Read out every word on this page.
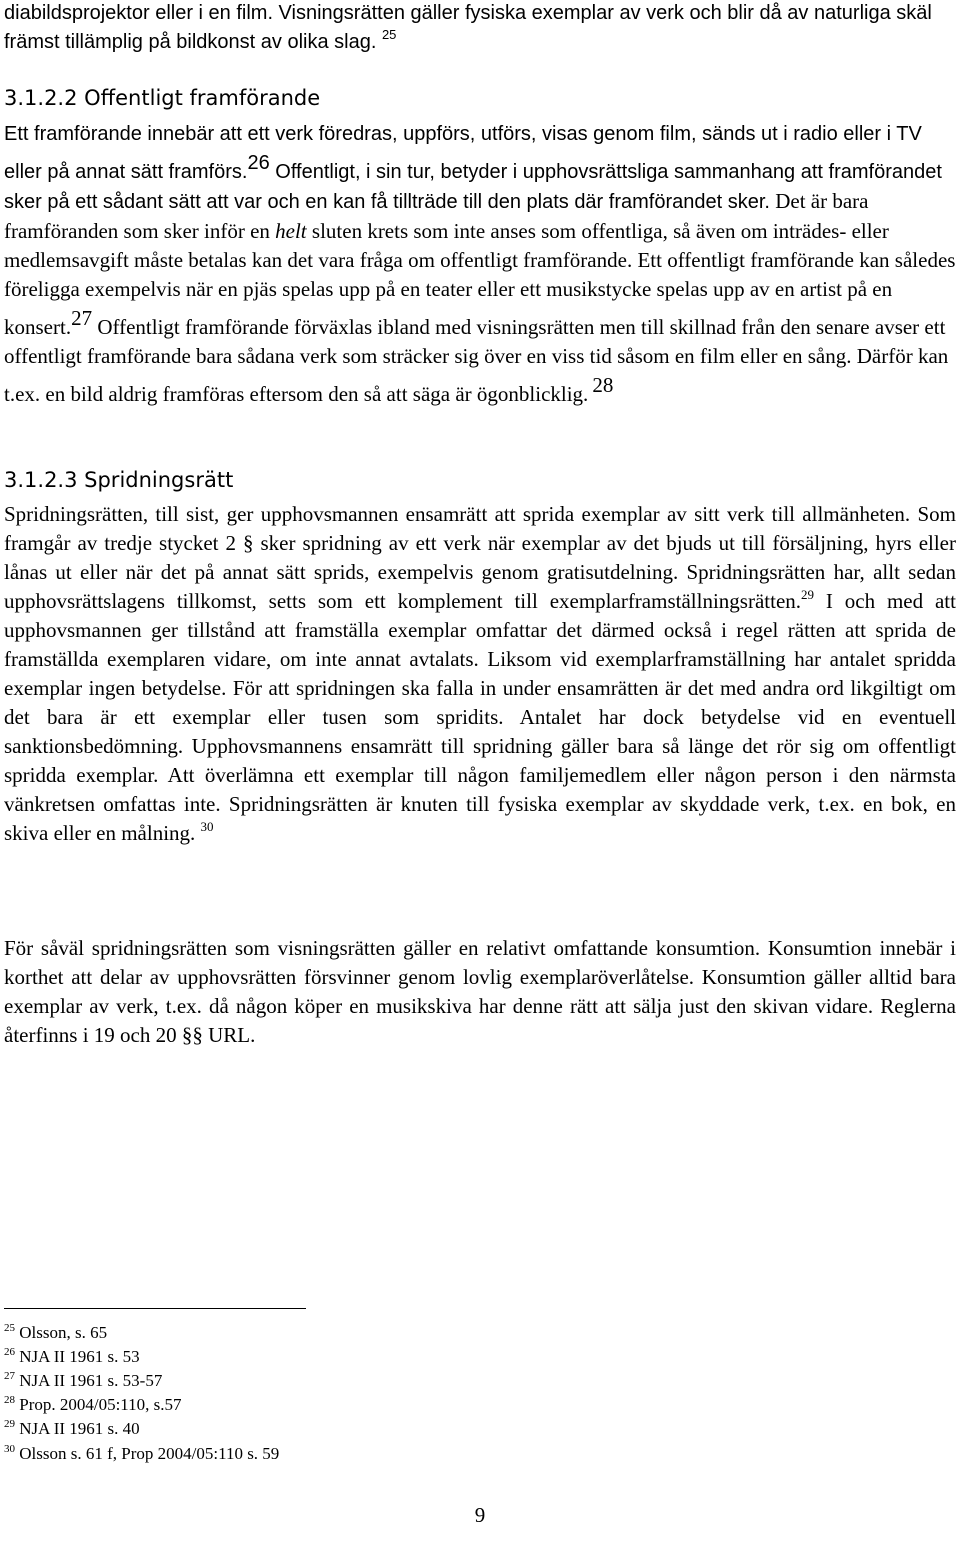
diabildsprojektor eller i en film. Visningsrätten gäller fysiska exemplar av verk och blir då av naturliga skäl främst tillämplig på bildkonst av olika slag. $^{25}$

3.1.2.2 Offentligt framförande

Ett framförande innebär att ett verk föredras, uppförs, utförs, visas genom film, sänds ut i radio eller i TV eller på annat sätt framförs.$^{26}$ Offentligt, i sin tur, betyder i upphovsrättsliga sammanhang att framförandet sker på ett sådant sätt att var och en kan få tillträde till den plats där framförandet sker. Det är bara framföranden som sker inför en helt sluten krets som inte anses som offentliga, så även om inträdes- eller medlemsavgift måste betalas kan det vara fråga om offentligt framförande. Ett offentligt framförande kan således föreligga exempelvis när en pjäs spelas upp på en teater eller ett musikstycke spelas upp av en artist på en konsert.$^{27}$ Offentligt framförande förväxlas ibland med visningsrätten men till skillnad från den senare avser ett offentligt framförande bara sådana verk som sträcker sig över en viss tid såsom en film eller en sång. Därför kan t.ex. en bild aldrig framföras eftersom den så att säga är ögonblicklig. $^{28}$

3.1.2.3 Spridningsrätt

Spridningsrätten, till sist, ger upphovsmannen ensamrätt att sprida exemplar av sitt verk till allmänheten. Som framgår av tredje stycket 2 § sker spridning av ett verk när exemplar av det bjuds ut till försäljning, hyrs eller lånas ut eller när det på annat sätt sprids, exempelvis genom gratisutdelning. Spridningsrätten har, allt sedan upphovsrättslagens tillkomst, setts som ett komplement till exemplarframställningsrätten.$^{29}$ I och med att upphovsmannen ger tillstånd att framställa exemplar omfattar det därmed också i regel rätten att sprida de framställda exemplaren vidare, om inte annat avtalats. Liksom vid exemplarframställning har antalet spridda exemplar ingen betydelse. För att spridningen ska falla in under ensamrätten är det med andra ord likgiltigt om det bara är ett exemplar eller tusen som spridits. Antalet har dock betydelse vid en eventuell sanktionsbedömning. Upphovsmannens ensamrätt till spridning gäller bara så länge det rör sig om offentligt spridda exemplar. Att överlämna ett exemplar till någon familjemedlem eller någon person i den närmsta vänkretsen omfattas inte. Spridningsrätten är knuten till fysiska exemplar av skyddade verk, t.ex. en bok, en skiva eller en målning. $^{30}$

För såväl spridningsrätten som visningsrätten gäller en relativt omfattande konsumtion. Konsumtion innebär i korthet att delar av upphovsrätten försvinner genom lovlig exemplaröverlåtelse. Konsumtion gäller alltid bara exemplar av verk, t.ex. då någon köper en musikskiva har denne rätt att sälja just den skivan vidare. Reglerna återfinns i 19 och 20 §§ URL.

$^{25}$ Olsson, s. 65
$^{26}$ NJA II 1961 s. 53
$^{27}$ NJA II 1961 s. 53-57
$^{28}$ Prop. 2004/05:110, s.57
$^{29}$ NJA II 1961 s. 40
$^{30}$ Olsson s. 61 f, Prop 2004/05:110 s. 59
9
